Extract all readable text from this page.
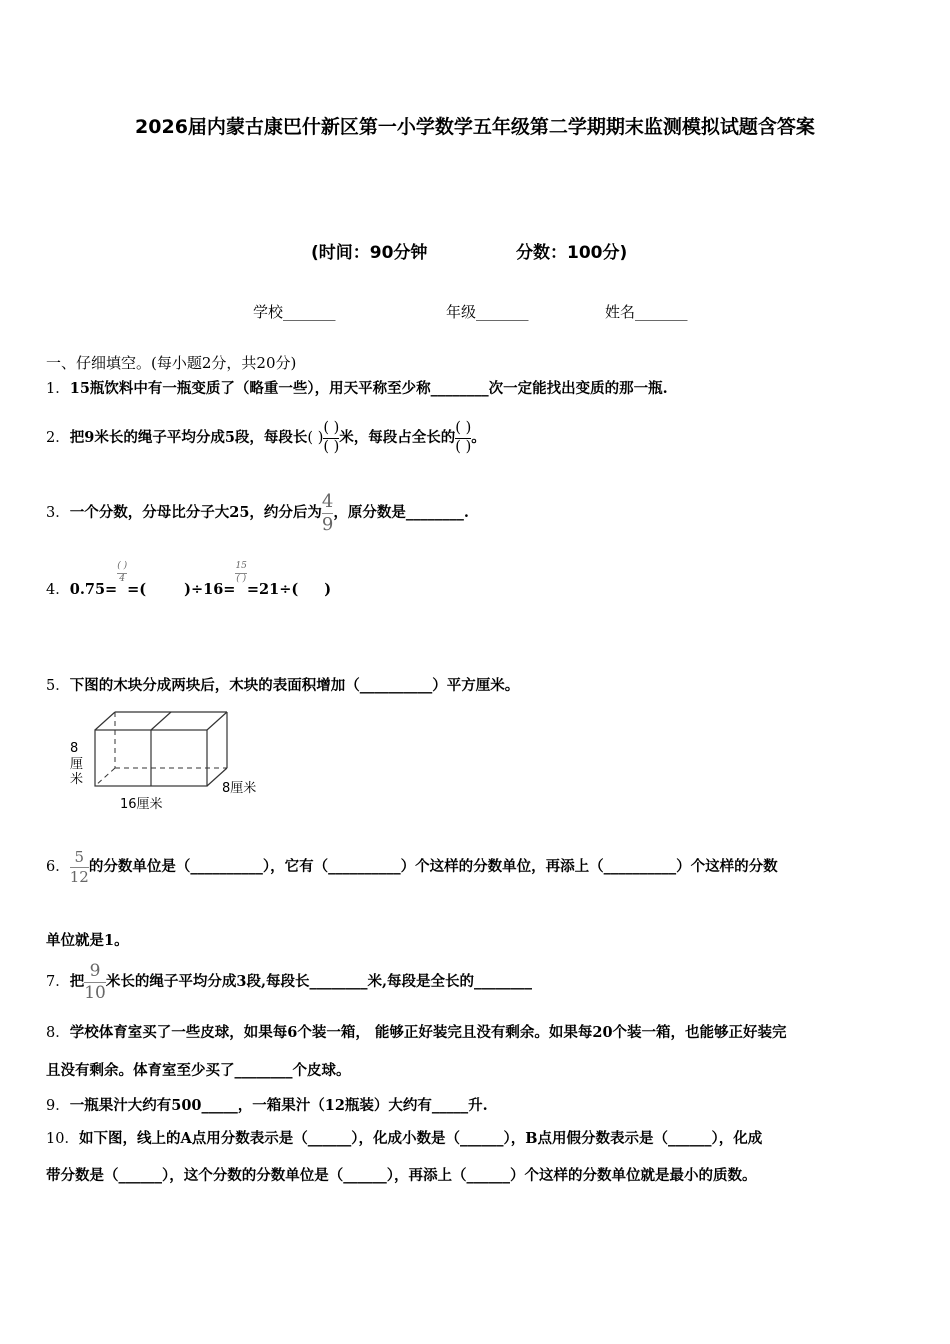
2026届内蒙古康巴什新区第一小学数学五年级第二学期期末监测模拟试题含答案
(时间：90分钟	分数：100分)
学校_______	年级_______	姓名_______
一、仔细填空。(每小题2分，共20分)
1．15瓶饮料中有一瓶变质了（略重一些），用天平称至少称________次一定能找出变质的那一瓶.
2．把9米长的绳子平均分成5段，每段长( ) $\frac{( )}{( )}$ 米，每段占全长的 $\frac{( )}{( )}$ 。
3．一个分数，分母比分子大25，约分后为 $\frac{4}{9}$ ，原分数是________.
4．0.75=
$\frac{( )}{4}$
=(	)÷16=
$\frac{15}{( )}$
=21÷( )
5．下图的木块分成两块后，木块的表面积增加（__________）平方厘米。
8
厘
米
16厘米
8厘米
6． $\frac{5}{12}$ 的分数单位是（__________），它有（__________）个这样的分数单位，再添上（__________）个这样的分数
单位就是1。
7．把 $\frac{9}{10}$ 米长的绳子平均分成3段,每段长________米,每段是全长的________
8．学校体育室买了一些皮球，如果每6个装一箱， 能够正好装完且没有剩余。如果每20个装一箱，也能够正好装完
且没有剩余。体育室至少买了________个皮球。
9．一瓶果汁大约有500_____，一箱果汁（12瓶装）大约有_____升.
10．如下图，线上的A点用分数表示是（______），化成小数是（______），B点用假分数表示是（______），化成
带分数是（______），这个分数的分数单位是（______），再添上（______）个这样的分数单位就是最小的质数。
